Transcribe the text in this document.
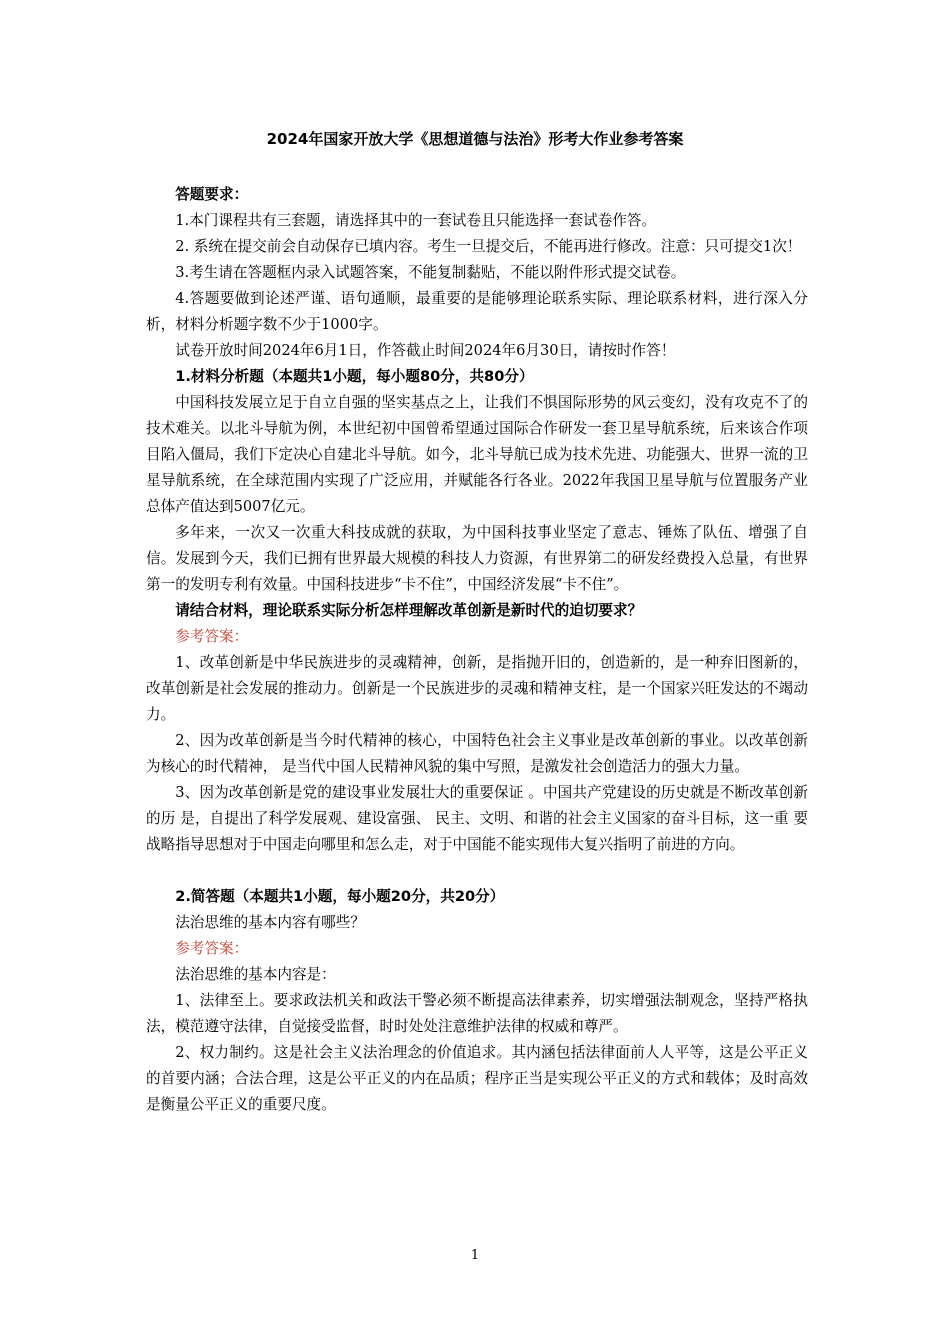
2024年国家开放大学《思想道德与法治》形考大作业参考答案

答题要求：

1.本门课程共有三套题，请选择其中的一套试卷且只能选择一套试卷作答。

2. 系统在提交前会自动保存已填内容。考生一旦提交后，不能再进行修改。注意：只可提交1次！

3.考生请在答题框内录入试题答案，不能复制黏贴，不能以附件形式提交试卷。

4.答题要做到论述严谨、语句通顺，最重要的是能够理论联系实际、理论联系材料，进行深入分析，材料分析题字数不少于1000字。

试卷开放时间2024年6月1日，作答截止时间2024年6月30日，请按时作答！

1.材料分析题（本题共1小题，每小题80分，共80分）

中国科技发展立足于自立自强的坚实基点之上，让我们不惧国际形势的风云变幻，没有攻克不了的技术难关。以北斗导航为例，本世纪初中国曾希望通过国际合作研发一套卫星导航系统，后来该合作项目陷入僵局，我们下定决心自建北斗导航。如今，北斗导航已成为技术先进、功能强大、世界一流的卫星导航系统，在全球范围内实现了广泛应用，并赋能各行各业。2022年我国卫星导航与位置服务产业总体产值达到5007亿元。

多年来，一次又一次重大科技成就的获取，为中国科技事业坚定了意志、锤炼了队伍、增强了自信。发展到今天，我们已拥有世界最大规模的科技人力资源，有世界第二的研发经费投入总量，有世界第一的发明专利有效量。中国科技进步“卡不住”，中国经济发展“卡不住”。

请结合材料，理论联系实际分析怎样理解改革创新是新时代的迫切要求？

参考答案：

1、改革创新是中华民族进步的灵魂精神，创新，是指抛开旧的，创造新的，是一种弃旧图新的，改革创新是社会发展的推动力。创新是一个民族进步的灵魂和精神支柱，是一个国家兴旺发达的不竭动力。

2、因为改革创新是当今时代精神的核心，中国特色社会主义事业是改革创新的事业。以改革创新为核心的时代精神， 是当代中国人民精神风貌的集中写照，是激发社会创造活力的强大力量。

3、因为改革创新是党的建设事业发展壮大的重要保证 。中国共产党建设的历史就是不断改革创新的历 是，自提出了科学发展观、建设富强、 民主、文明、和谐的社会主义国家的奋斗目标，这一重 要战略指导思想对于中国走向哪里和怎么走，对于中国能不能实现伟大复兴指明了前进的方向。

2.简答题（本题共1小题，每小题20分，共20分）

法治思维的基本内容有哪些？

参考答案：

法治思维的基本内容是：

1、法律至上。要求政法机关和政法干警必须不断提高法律素养，切实增强法制观念，坚持严格执法，模范遵守法律，自觉接受监督，时时处处注意维护法律的权威和尊严。

2、权力制约。这是社会主义法治理念的价值追求。其内涵包括法律面前人人平等，这是公平正义的首要内涵；合法合理，这是公平正义的内在品质；程序正当是实现公平正义的方式和载体；及时高效是衡量公平正义的重要尺度。

1
